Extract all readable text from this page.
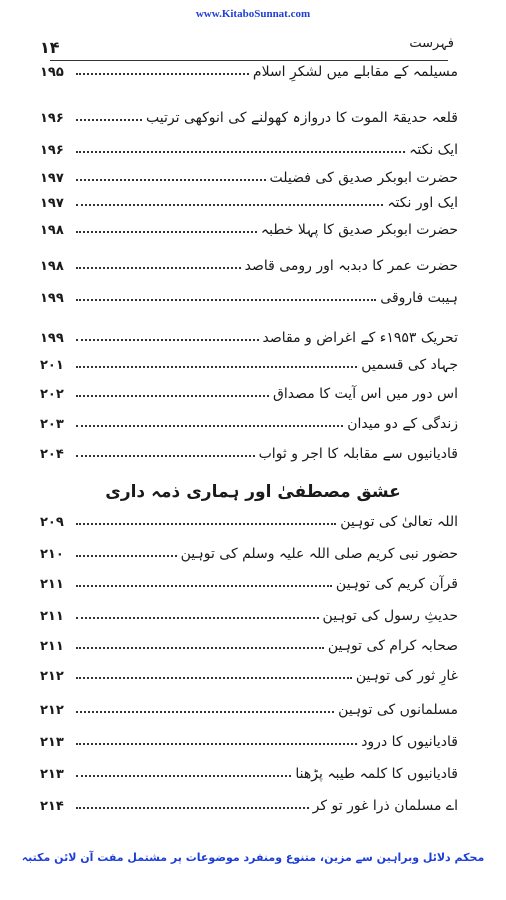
www.KitaboSunnat.com
۱۴	فہرست
مسیلمہ کے مقابلے میں لشکرِ اسلام
۱۹۵
قلعہ حدیقۃ الموت کا دروازہ کھولنے کی انوکھی ترتیب
۱۹۶
ایک نکتہ
۱۹۶
حضرت ابوبکر صدیق کی فضیلت
۱۹۷
ایک اور نکتہ
۱۹۷
حضرت ابوبکر صدیق کا پہلا خطبہ
۱۹۸
حضرت عمر کا دبدبہ اور رومی قاصد
۱۹۸
ہیبت فاروقی
۱۹۹
تحریک ۱۹۵۳ء کے اغراض و مقاصد
۱۹۹
جہاد کی قسمیں
۲۰۱
اس دور میں اس آیت کا مصداق
۲۰۲
زندگی کے دو میدان
۲۰۳
قادیانیوں سے مقابلہ کا اجر و ثواب
۲۰۴
اللہ تعالیٰ کی توہین
۲۰۹
حضور نبی کریم صلی اللہ علیہ وسلم کی توہین
۲۱۰
قرآن کریم کی توہین
۲۱۱
حدیثِ رسول کی توہین
۲۱۱
صحابہ کرام کی توہین
۲۱۱
غارِ ثور کی توہین
۲۱۲
مسلمانوں کی توہین
۲۱۲
قادیانیوں کا درود
۲۱۳
قادیانیوں کا کلمہ طیبہ پڑھنا
۲۱۳
اے مسلمان ذرا غور تو کر
۲۱۴
عشق مصطفیٰ اور ہماری ذمہ داری
محکم دلائل وبراہین سے مزین، متنوع ومنفرد موضوعات پر مشتمل مفت آن لائن مکتبہ
